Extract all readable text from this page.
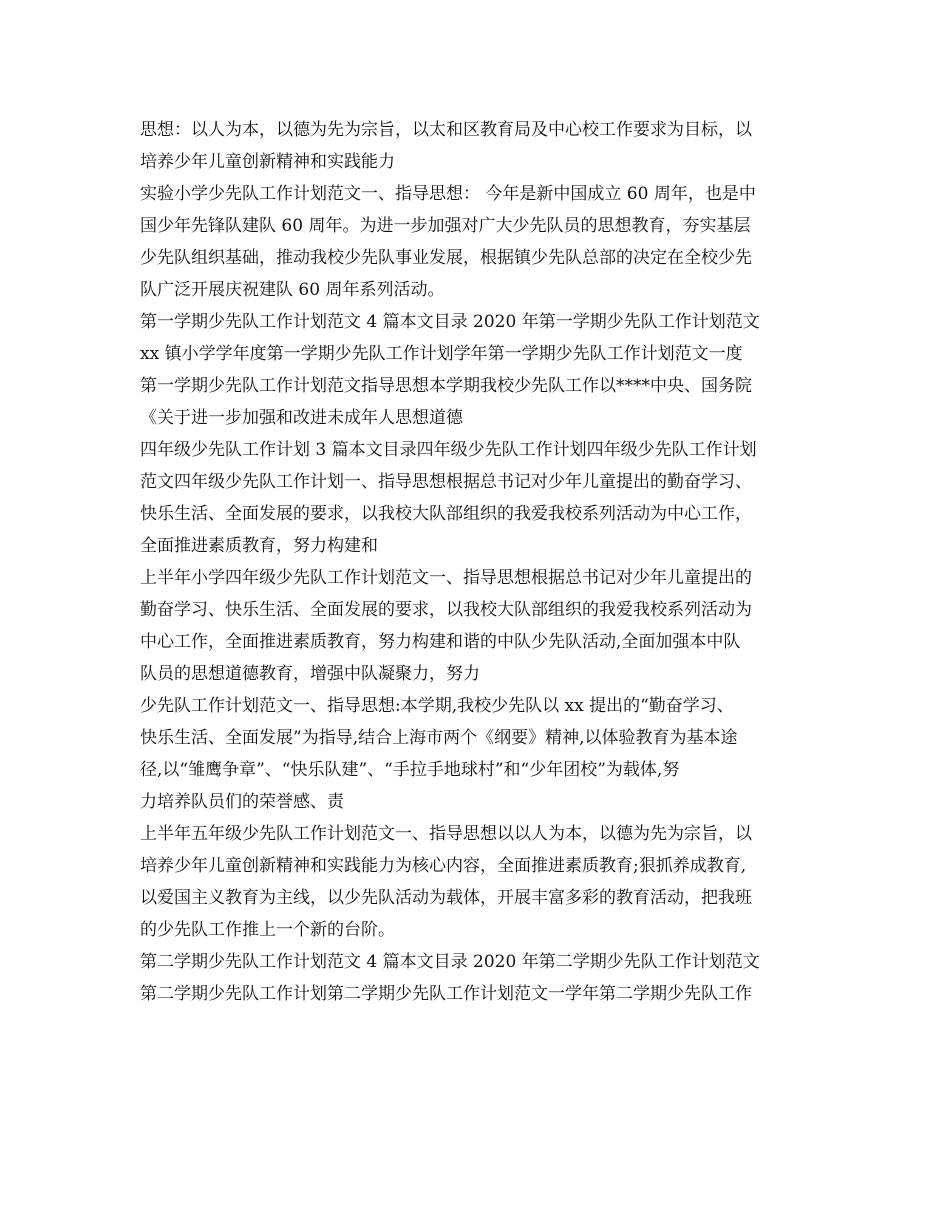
思想：以人为本，以德为先为宗旨，以太和区教育局及中心校工作要求为目标，以
培养少年儿童创新精神和实践能力
实验小学少先队工作计划范文一、指导思想： 今年是新中国成立 60 周年，也是中
国少年先锋队建队 60 周年。为进一步加强对广大少先队员的思想教育，夯实基层
少先队组织基础，推动我校少先队事业发展，根据镇少先队总部的决定在全校少先
队广泛开展庆祝建队 60 周年系列活动。
第一学期少先队工作计划范文 4 篇本文目录 2020 年第一学期少先队工作计划范文
xx 镇小学学年度第一学期少先队工作计划学年第一学期少先队工作计划范文一度
第一学期少先队工作计划范文指导思想本学期我校少先队工作以****中央、国务院
《关于进一步加强和改进未成年人思想道德
四年级少先队工作计划 3 篇本文目录四年级少先队工作计划四年级少先队工作计划
范文四年级少先队工作计划一、指导思想根据总书记对少年儿童提出的勤奋学习、
快乐生活、全面发展的要求，以我校大队部组织的我爱我校系列活动为中心工作，
全面推进素质教育，努力构建和
上半年小学四年级少先队工作计划范文一、指导思想根据总书记对少年儿童提出的
勤奋学习、快乐生活、全面发展的要求，以我校大队部组织的我爱我校系列活动为
中心工作，全面推进素质教育，努力构建和谐的中队少先队活动,全面加强本中队
队员的思想道德教育，增强中队凝聚力，努力
少先队工作计划范文一、指导思想:本学期,我校少先队以 xx 提出的“勤奋学习、
快乐生活、全面发展”为指导,结合上海市两个《纲要》精神,以体验教育为基本途
径,以“雏鹰争章”、“快乐队建”、“手拉手地球村”和“少年团校”为载体,努
力培养队员们的荣誉感、责
上半年五年级少先队工作计划范文一、指导思想以以人为本，以德为先为宗旨，以
培养少年儿童创新精神和实践能力为核心内容，全面推进素质教育;狠抓养成教育,
以爱国主义教育为主线，以少先队活动为载体，开展丰富多彩的教育活动，把我班
的少先队工作推上一个新的台阶。
第二学期少先队工作计划范文 4 篇本文目录 2020 年第二学期少先队工作计划范文
第二学期少先队工作计划第二学期少先队工作计划范文一学年第二学期少先队工作
